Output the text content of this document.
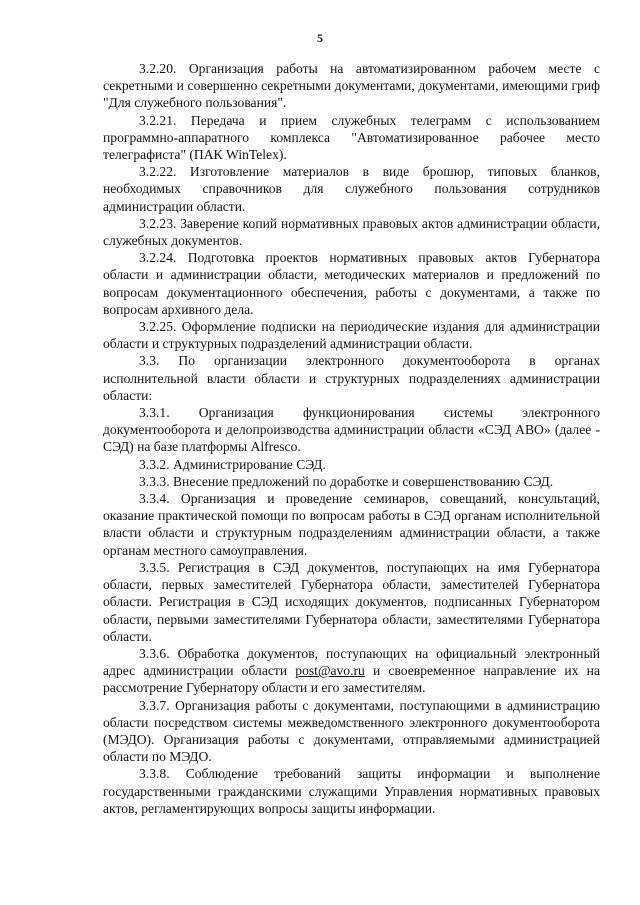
5

3.2.20. Организация работы на автоматизированном рабочем месте с секретными и совершенно секретными документами, документами, имеющими гриф "Для служебного пользования".

3.2.21. Передача и прием служебных телеграмм с использованием программно-аппаратного комплекса "Автоматизированное рабочее место телеграфиста" (ПАК WinTelex).

3.2.22. Изготовление материалов в виде брошюр, типовых бланков, необходимых справочников для служебного пользования сотрудников администрации области.

3.2.23. Заверение копий нормативных правовых актов администрации области, служебных документов.

3.2.24. Подготовка проектов нормативных правовых актов Губернатора области и администрации области, методических материалов и предложений по вопросам документационного обеспечения, работы с документами, а также по вопросам архивного дела.

3.2.25. Оформление подписки на периодические издания для администрации области и структурных подразделений администрации области.

3.3. По организации электронного документооборота в органах исполнительной власти области и структурных подразделениях администрации области:

3.3.1. Организация функционирования системы электронного документооборота и делопроизводства администрации области «СЭД АВО» (далее - СЭД) на базе платформы Alfresco.

3.3.2. Администрирование СЭД.

3.3.3. Внесение предложений по доработке и совершенствованию СЭД.

3.3.4. Организация и проведение семинаров, совещаний, консультаций, оказание практической помощи по вопросам работы в СЭД органам исполнительной власти области и структурным подразделениям администрации области, а также органам местного самоуправления.

3.3.5. Регистрация в СЭД документов, поступающих на имя Губернатора области, первых заместителей Губернатора области, заместителей Губернатора области. Регистрация в СЭД исходящих документов, подписанных Губернатором области, первыми заместителями Губернатора области, заместителями Губернатора области.

3.3.6. Обработка документов, поступающих на официальный электронный адрес администрации области post@avo.ru и своевременное направление их на рассмотрение Губернатору области и его заместителям.

3.3.7. Организация работы с документами, поступающими в администрацию области посредством системы межведомственного электронного документооборота (МЭДО). Организация работы с документами, отправляемыми администрацией области по МЭДО.

3.3.8. Соблюдение требований защиты информации и выполнение государственными гражданскими служащими Управления нормативных правовых актов, регламентирующих вопросы защиты информации.
